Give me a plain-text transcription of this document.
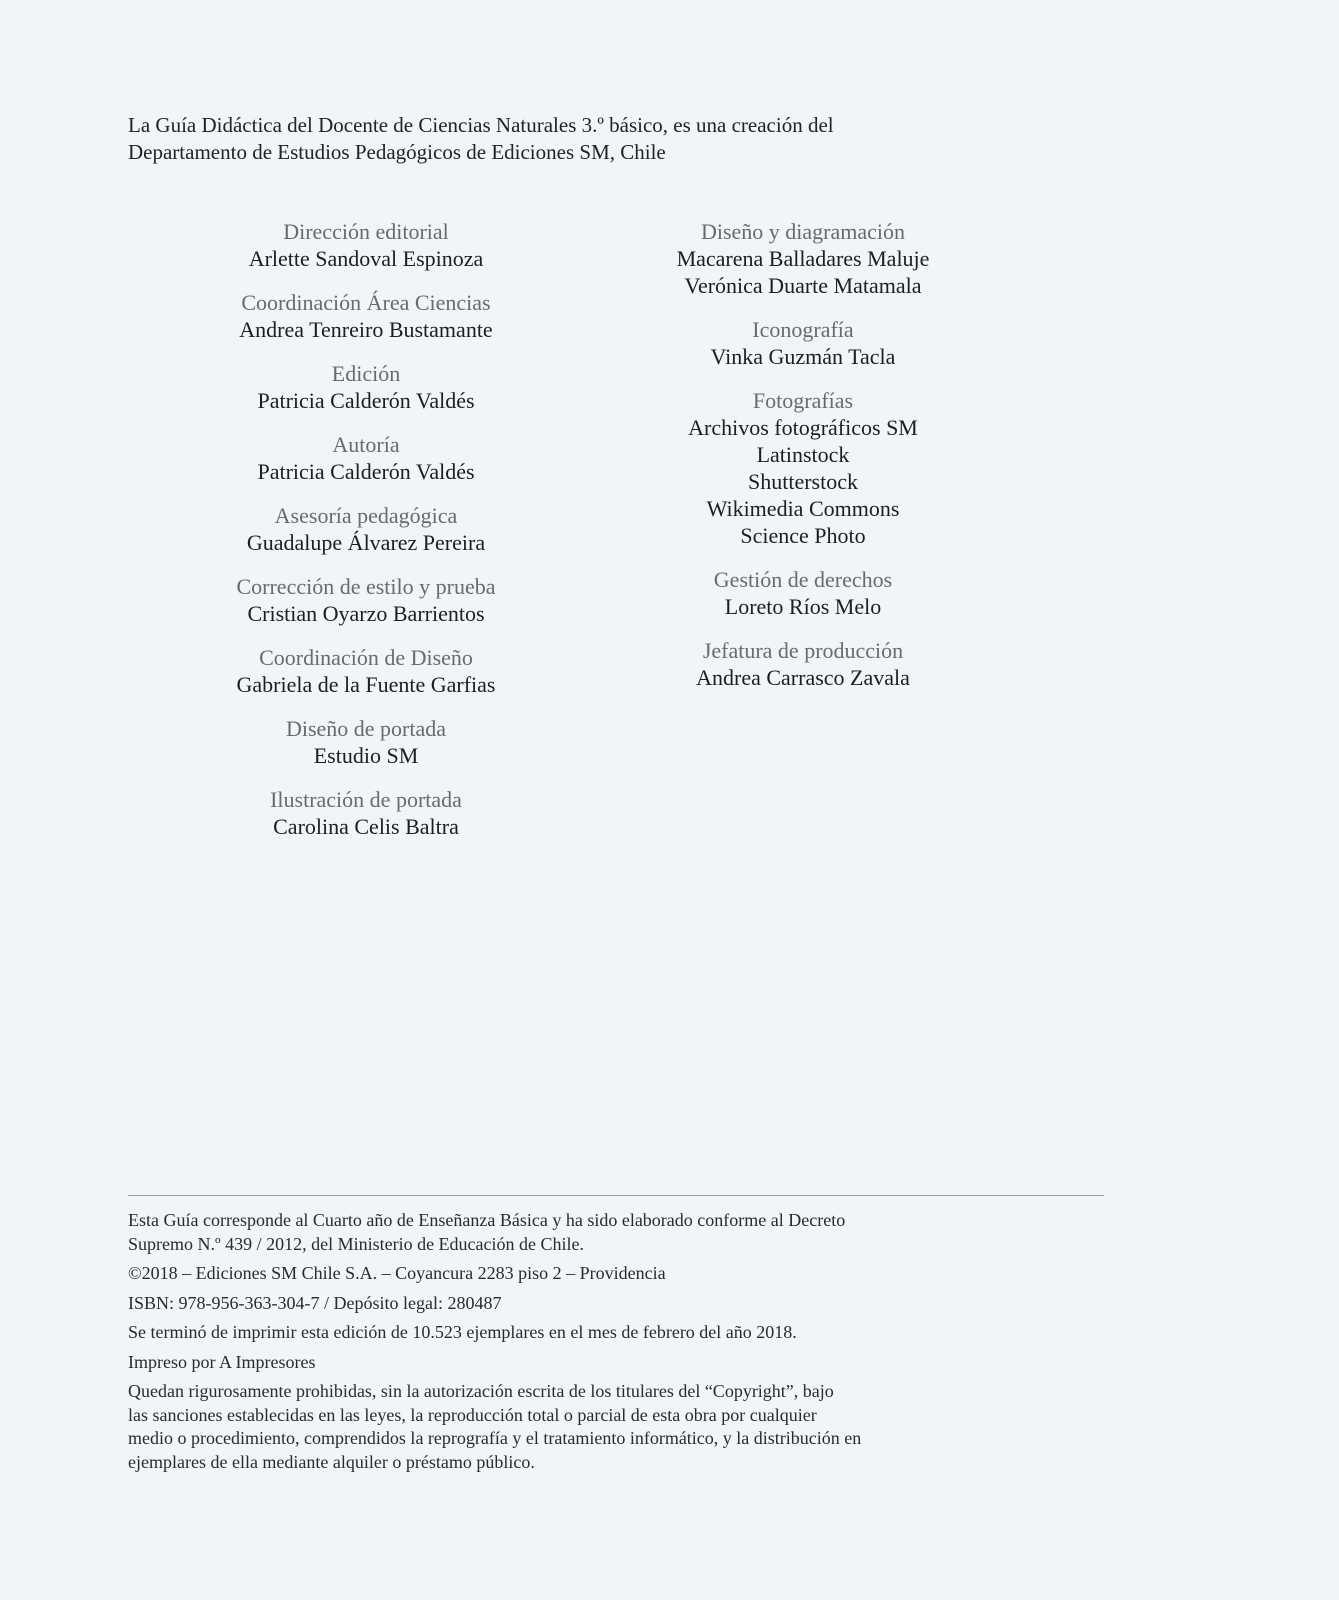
La Guía Didáctica del Docente de Ciencias Naturales 3.º básico, es una creación del

Departamento de Estudios Pedagógicos de Ediciones SM, Chile

Dirección editorial
Arlette Sandoval Espinoza
Coordinación Área Ciencias
Andrea Tenreiro Bustamante
Edición
Patricia Calderón Valdés
Autoría
Patricia Calderón Valdés
Asesoría pedagógica
Guadalupe Álvarez Pereira
Corrección de estilo y prueba
Cristian Oyarzo Barrientos
Coordinación de Diseño
Gabriela de la Fuente Garfias
Diseño de portada
Estudio SM
Ilustración de portada
Carolina Celis Baltra
Diseño y diagramación
Macarena Balladares Maluje
Verónica Duarte Matamala
Iconografía
Vinka Guzmán Tacla
Fotografías
Archivos fotográficos SM
Latinstock
Shutterstock
Wikimedia Commons
Science Photo
Gestión de derechos
Loreto Ríos Melo
Jefatura de producción
Andrea Carrasco Zavala

Esta Guía corresponde al Cuarto año de Enseñanza Básica y ha sido elaborado conforme al Decreto
Supremo N.º 439 / 2012, del Ministerio de Educación de Chile.

©2018 – Ediciones SM Chile S.A. – Coyancura 2283 piso 2 – Providencia

ISBN: 978-956-363-304-7 / Depósito legal: 280487

Se terminó de imprimir esta edición de 10.523 ejemplares en el mes de febrero del año 2018.

Impreso por A Impresores

Quedan rigurosamente prohibidas, sin la autorización escrita de los titulares del “Copyright”, bajo
las sanciones establecidas en las leyes, la reproducción total o parcial de esta obra por cualquier
medio o procedimiento, comprendidos la reprografía y el tratamiento informático, y la distribución en
ejemplares de ella mediante alquiler o préstamo público.
